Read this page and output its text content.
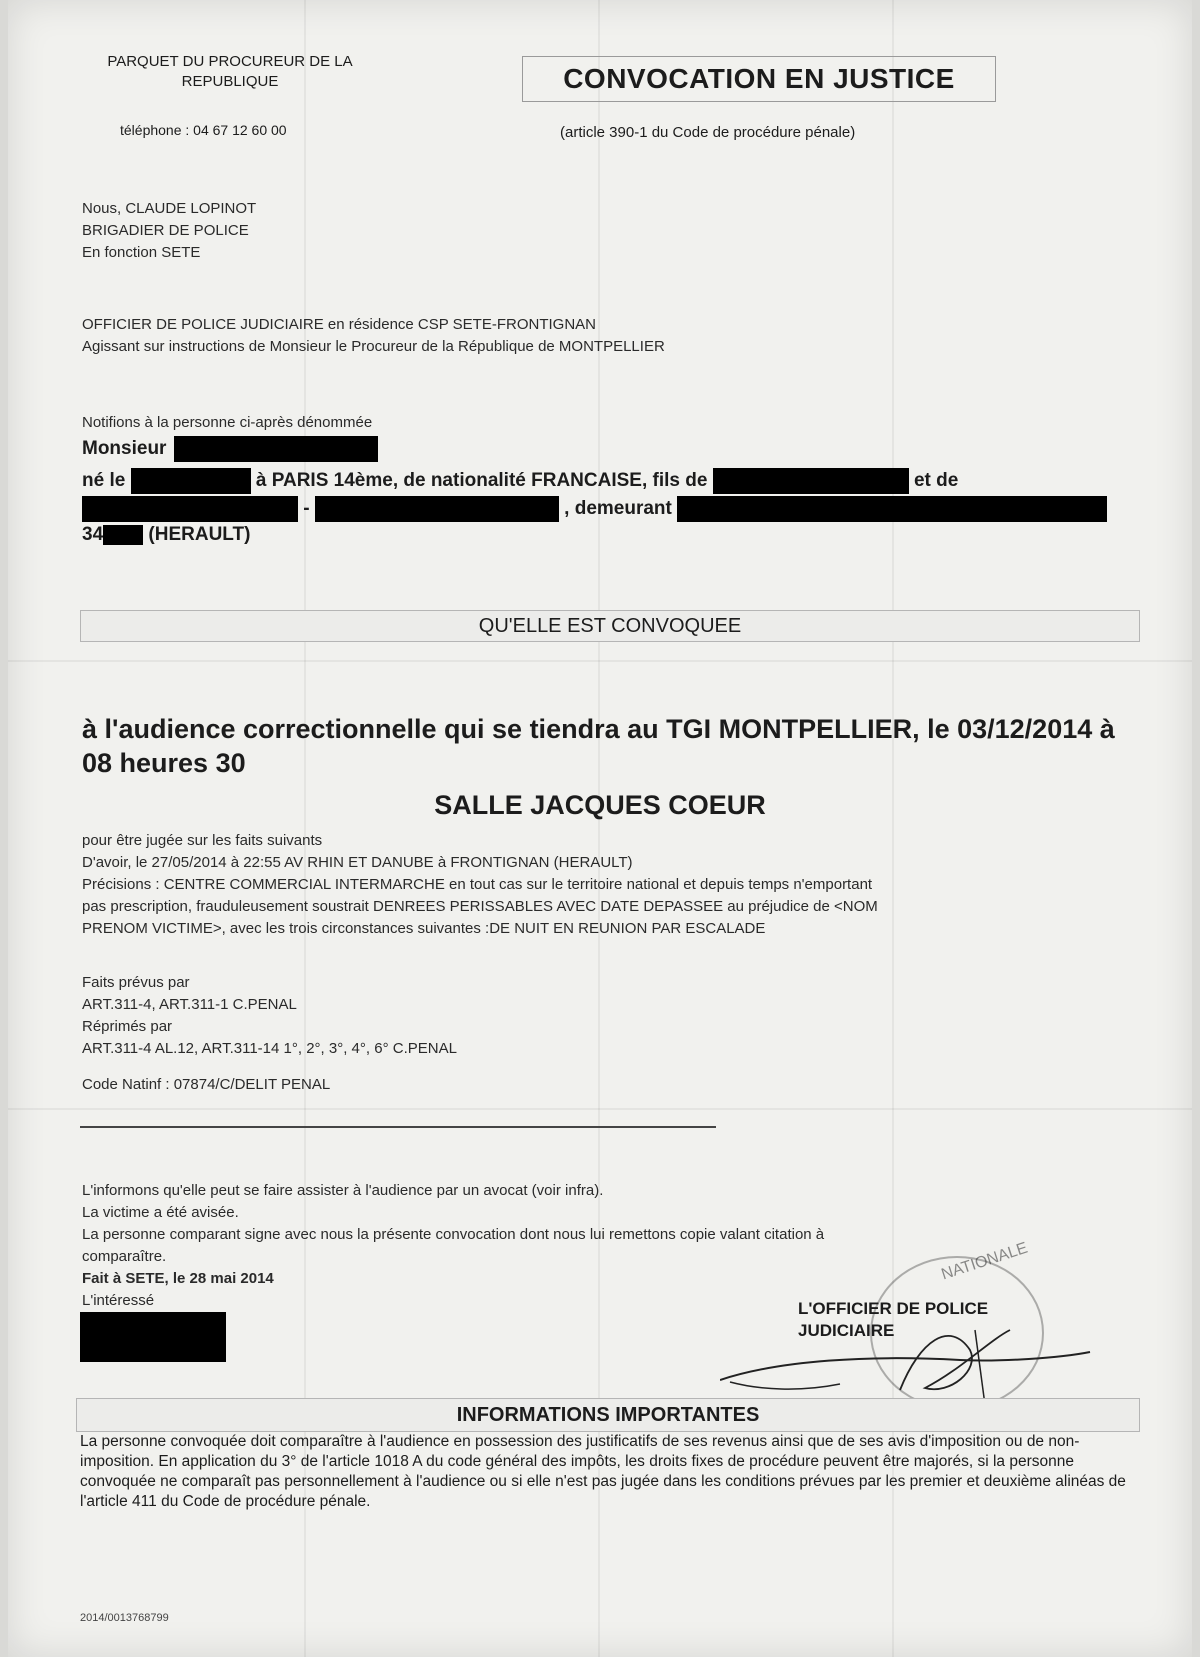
PARQUET DU PROCUREUR DE LA REPUBLIQUE
téléphone : 04 67 12 60 00
CONVOCATION EN JUSTICE
(article 390-1 du Code de procédure pénale)
Nous, CLAUDE LOPINOT
BRIGADIER DE POLICE
En fonction SETE
OFFICIER DE POLICE JUDICIAIRE en résidence CSP SETE-FRONTIGNAN
Agissant sur instructions de Monsieur le Procureur de la République de MONTPELLIER
Notifions à la personne ci-après dénommée
Monsieur
né le	à PARIS 14ème, de nationalité FRANCAISE, fils de	et de
-	, demeurant
34 (HERAULT)
QU'ELLE EST CONVOQUEE
à l'audience correctionnelle qui se tiendra au TGI MONTPELLIER, le 03/12/2014 à 08 heures 30
SALLE JACQUES COEUR
pour être jugée sur les faits suivants
D'avoir, le 27/05/2014 à 22:55 AV RHIN ET DANUBE à FRONTIGNAN (HERAULT)
Précisions : CENTRE COMMERCIAL INTERMARCHE en tout cas sur le territoire national et depuis temps n'emportant
pas prescription, frauduleusement soustrait DENREES PERISSABLES AVEC DATE DEPASSEE au préjudice de <NOM
PRENOM VICTIME>, avec les trois circonstances suivantes :DE NUIT EN REUNION PAR ESCALADE
Faits prévus par
ART.311-4, ART.311-1 C.PENAL
Réprimés par
ART.311-4 AL.12, ART.311-14 1°, 2°, 3°, 4°, 6° C.PENAL
Code Natinf : 07874/C/DELIT PENAL
L'informons qu'elle peut se faire assister à l'audience par un avocat (voir infra).
La victime a été avisée.
La personne comparant signe avec nous la présente convocation dont nous lui remettons copie valant citation à
comparaître.
Fait à SETE, le 28 mai 2014
L'intéressé
NATIONALE
L'OFFICIER DE POLICE
JUDICIAIRE
INFORMATIONS IMPORTANTES
La personne convoquée doit comparaître à l'audience en possession des justificatifs de ses revenus ainsi que de ses avis d'imposition ou de non-imposition. En application du 3° de l'article 1018 A du code général des impôts, les droits fixes de procédure peuvent être majorés, si la personne convoquée ne comparaît pas personnellement à l'audience ou si elle n'est pas jugée dans les conditions prévues par les premier et deuxième alinéas de l'article 411 du Code de procédure pénale.
2014/0013768799
